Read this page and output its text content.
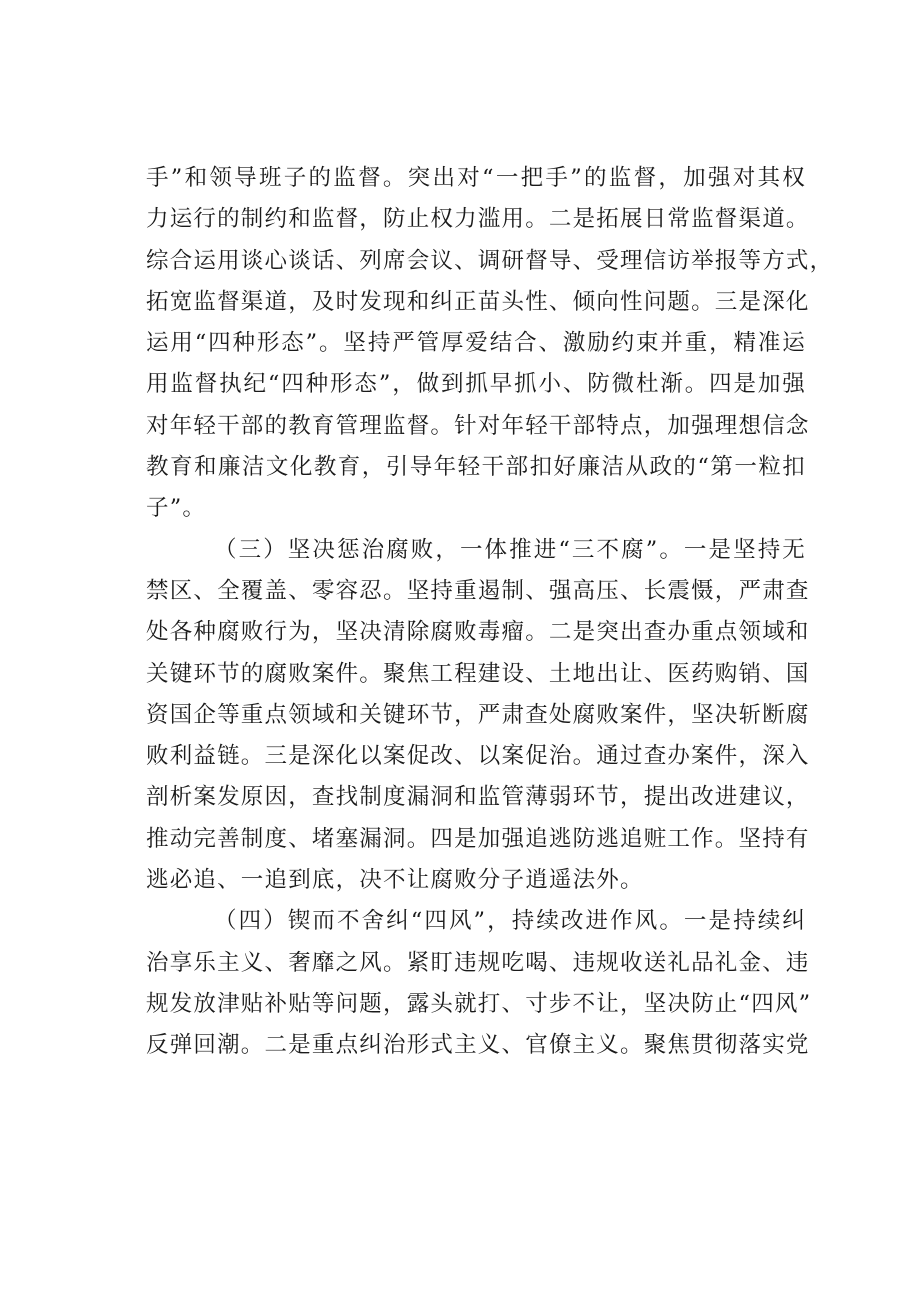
手”和领导班子的监督。突出对“一把手”的监督，加强对其权
力运行的制约和监督，防止权力滥用。二是拓展日常监督渠道。
综合运用谈心谈话、列席会议、调研督导、受理信访举报等方式，
拓宽监督渠道，及时发现和纠正苗头性、倾向性问题。三是深化
运用“四种形态”。坚持严管厚爱结合、激励约束并重，精准运
用监督执纪“四种形态”，做到抓早抓小、防微杜渐。四是加强
对年轻干部的教育管理监督。针对年轻干部特点，加强理想信念
教育和廉洁文化教育，引导年轻干部扣好廉洁从政的“第一粒扣
子”。
（三）坚决惩治腐败，一体推进“三不腐”。一是坚持无
禁区、全覆盖、零容忍。坚持重遏制、强高压、长震慑，严肃查
处各种腐败行为，坚决清除腐败毒瘤。二是突出查办重点领域和
关键环节的腐败案件。聚焦工程建设、土地出让、医药购销、国
资国企等重点领域和关键环节，严肃查处腐败案件，坚决斩断腐
败利益链。三是深化以案促改、以案促治。通过查办案件，深入
剖析案发原因，查找制度漏洞和监管薄弱环节，提出改进建议，
推动完善制度、堵塞漏洞。四是加强追逃防逃追赃工作。坚持有
逃必追、一追到底，决不让腐败分子逍遥法外。
（四）锲而不舍纠“四风”，持续改进作风。一是持续纠
治享乐主义、奢靡之风。紧盯违规吃喝、违规收送礼品礼金、违
规发放津贴补贴等问题，露头就打、寸步不让，坚决防止“四风”
反弹回潮。二是重点纠治形式主义、官僚主义。聚焦贯彻落实党
